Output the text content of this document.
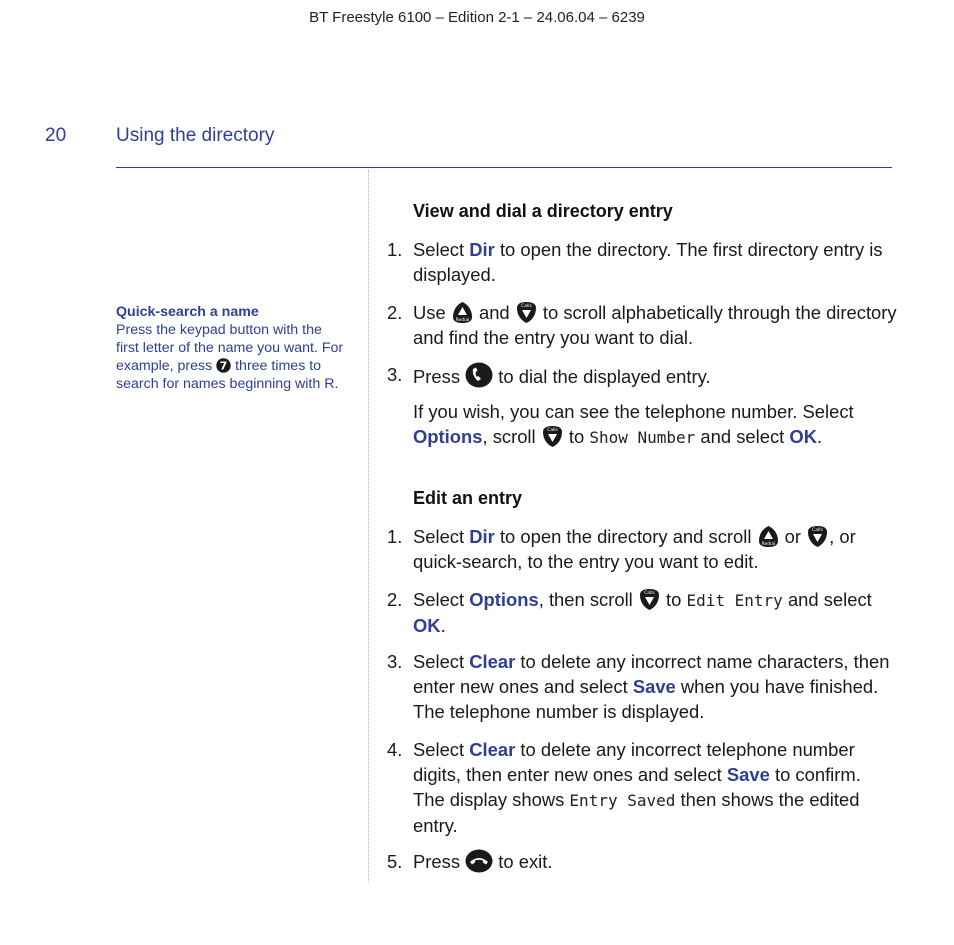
BT Freestyle 6100 – Edition 2-1 – 24.06.04 – 6239
20	Using the directory
Quick-search a name
Press the keypad button with the first letter of the name you want. For example, press 7 three times to search for names beginning with R.
View and dial a directory entry
1. Select Dir to open the directory. The first directory entry is displayed.
2. Use Redial and	Calls to scroll alphabetically through the directory and find the entry you want to dial.
3. Press to dial the displayed entry.
If you wish, you can see the telephone number. Select Options, scroll	Calls to Show Number and select OK.
Edit an entry
1. Select Dir to open the directory and scroll Redial or	Calls , or quick-search, to the entry you want to edit.
2. Select Options, then scroll	Calls to Edit Entry and select OK.
3. Select Clear to delete any incorrect name characters, then enter new ones and select Save when you have finished. The telephone number is displayed.
4. Select Clear to delete any incorrect telephone number digits, then enter new ones and select Save to confirm. The display shows Entry Saved then shows the edited entry.
5. Press to exit.
